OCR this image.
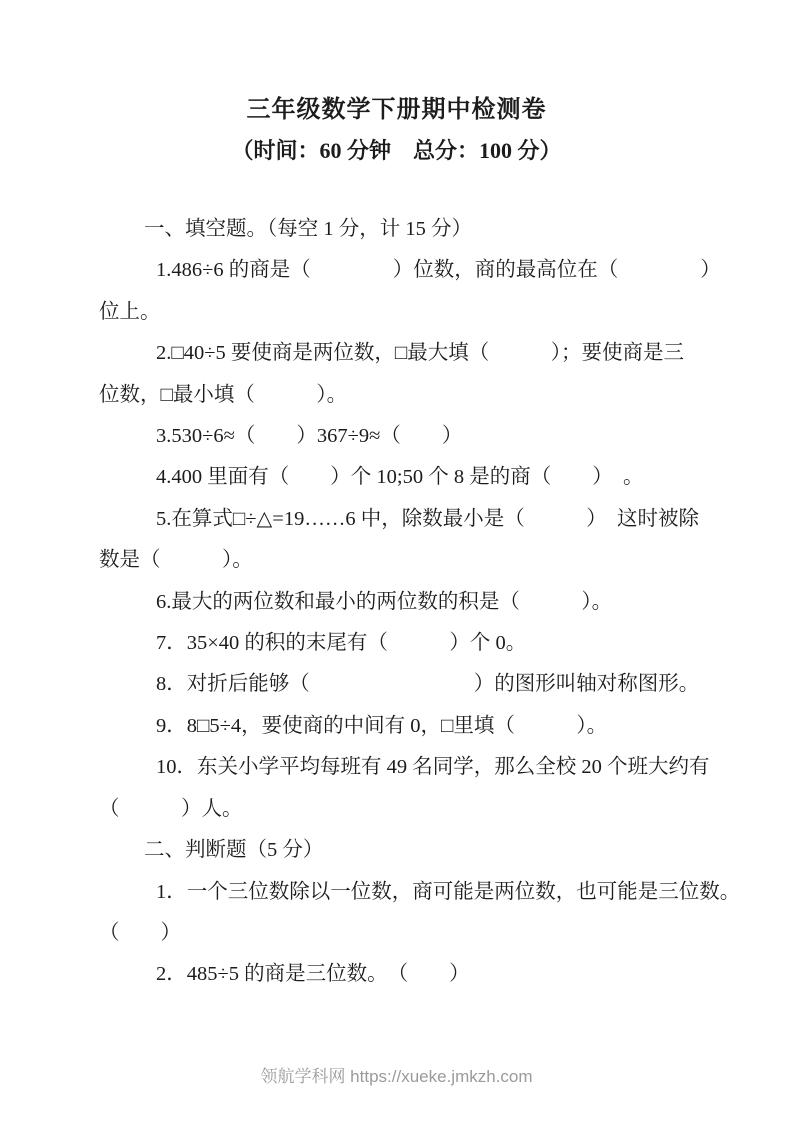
三年级数学下册期中检测卷
（时间：60 分钟　总分：100 分）
一、填空题。（每空 1 分，计 15 分）
1.486÷6 的商是（　　　　）位数，商的最高位在（　　　　）
位上。
2.□40÷5 要使商是两位数，□最大填（　　　）；要使商是三
位数，□最小填（　　　）。
3.530÷6≈（　　）367÷9≈（　　）
4.400 里面有（　　）个 10;50 个 8 是的商（　　）　。
5.在算式□÷△=19……6 中，除数最小是（　　　）　这时被除
数是（　　　）。
6.最大的两位数和最小的两位数的积是（　　　）。
7．35×40 的积的末尾有（　　　）个 0。
8．对折后能够（　　　　　　　　）的图形叫轴对称图形。
9．8□5÷4，要使商的中间有 0，□里填（　　　）。
10．东关小学平均每班有 49 名同学，那么全校 20 个班大约有
（　　　）人。
二、判断题（5 分）
1．一个三位数除以一位数，商可能是两位数，也可能是三位数。
（　　）
2．485÷5 的商是三位数。　（　　）
领航学科网 https://xueke.jmkzh.com
